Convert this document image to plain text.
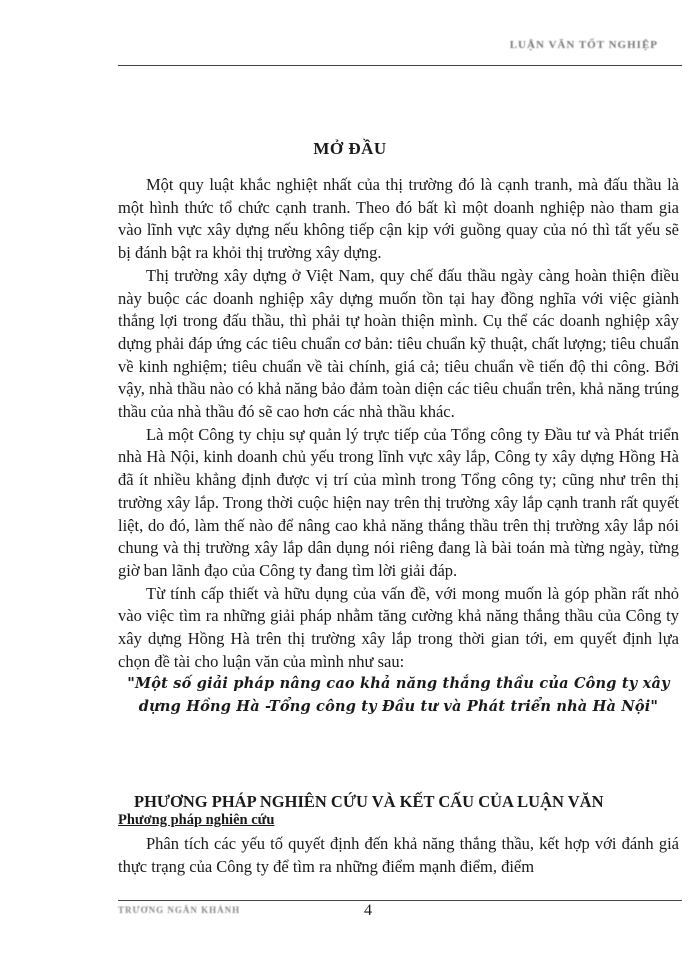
LUẬN VĂN TỐT NGHIỆP
MỞ ĐẦU

Một quy luật khắc nghiệt nhất của thị trường đó là cạnh tranh, mà đấu thầu là một hình thức tổ chức cạnh tranh. Theo đó bất kì một doanh nghiệp nào tham gia vào lĩnh vực xây dựng nếu không tiếp cận kịp với guồng quay của nó thì tất yếu sẽ bị đánh bật ra khỏi thị trường xây dựng.

Thị trường xây dựng ở Việt Nam, quy chế đấu thầu ngày càng hoàn thiện điều này buộc các doanh nghiệp xây dựng muốn tồn tại hay đồng nghĩa với việc giành thắng lợi trong đấu thầu, thì phải tự hoàn thiện mình. Cụ thể các doanh nghiệp xây dựng phải đáp ứng các tiêu chuẩn cơ bản: tiêu chuẩn kỹ thuật, chất lượng; tiêu chuẩn về kinh nghiệm; tiêu chuẩn về tài chính, giá cả; tiêu chuẩn về tiến độ thi công. Bởi vậy, nhà thầu nào có khả năng bảo đảm toàn diện các tiêu chuẩn trên, khả năng trúng thầu của nhà thầu đó sẽ cao hơn các nhà thầu khác.

Là một Công ty chịu sự quản lý trực tiếp của Tổng công ty Đầu tư và Phát triển nhà Hà Nội, kinh doanh chủ yếu trong lĩnh vực xây lắp, Công ty xây dựng Hồng Hà đã ít nhiều khẳng định được vị trí của mình trong Tổng công ty; cũng như trên thị trường xây lắp. Trong thời cuộc hiện nay trên thị trường xây lắp cạnh tranh rất quyết liệt, do đó, làm thế nào để nâng cao khả năng thắng thầu trên thị trường xây lắp nói chung và thị trường xây lắp dân dụng nói riêng đang là bài toán mà từng ngày, từng giờ ban lãnh đạo của Công ty đang tìm lời giải đáp.

Từ tính cấp thiết và hữu dụng của vấn đề, với mong muốn là góp phần rất nhỏ vào việc tìm ra những giải pháp nhằm tăng cường khả năng thắng thầu của Công ty xây dựng Hồng Hà trên thị trường xây lắp trong thời gian tới, em quyết định lựa chọn đề tài cho luận văn của mình như sau:

"Một số giải pháp nâng cao khả năng thắng thầu của Công ty xây dựng Hồng Hà -Tổng công ty Đầu tư và Phát triển nhà Hà Nội"
PHƯƠNG PHÁP NGHIÊN CỨU VÀ KẾT CẤU CỦA LUẬN VĂN
Phương pháp nghiên cứu

Phân tích các yếu tố quyết định đến khả năng thắng thầu, kết hợp với đánh giá thực trạng của Công ty để tìm ra những điểm mạnh điểm, điểm

TRƯƠNG NGÂN KHÁNH	4
